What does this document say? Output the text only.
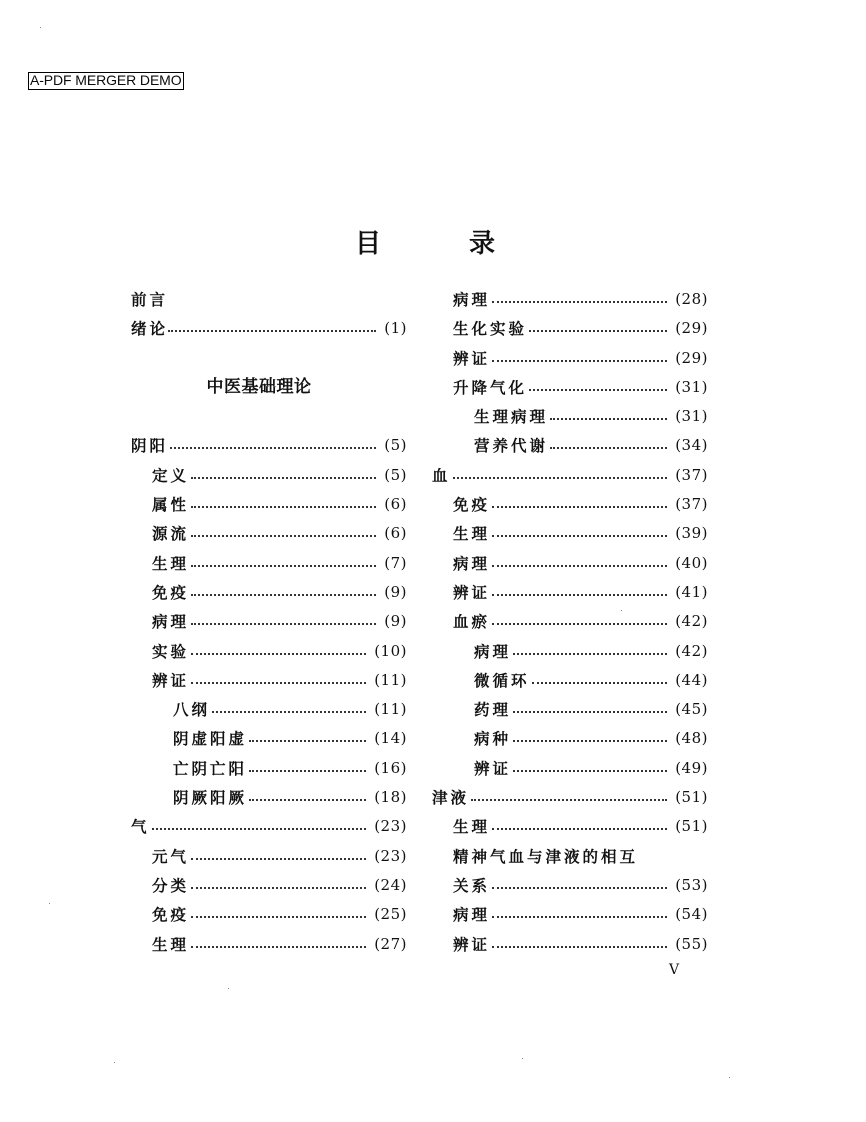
A-PDF MERGER DEMO
目	录
前言
绪论	(1)
中医基础理论
阴阳	(5)
定义	(5)
属性	(6)
源流	(6)
生理	(7)
免疫	(9)
病理	(9)
实验	(10)
辨证	(11)
八纲	(11)
阴虚阳虚	(14)
亡阴亡阳	(16)
阴厥阳厥	(18)
气	(23)
元气	(23)
分类	(24)
免疫	(25)
生理	(27)
病理	(28)
生化实验	(29)
辨证	(29)
升降气化	(31)
生理病理	(31)
营养代谢	(34)
血	(37)
免疫	(37)
生理	(39)
病理	(40)
辨证	(41)
血瘀	(42)
病理	(42)
微循环	(44)
药理	(45)
病种	(48)
辨证	(49)
津液	(51)
生理	(51)
精神气血与津液的相互
关系	(53)
病理	(54)
辨证	(55)
V
